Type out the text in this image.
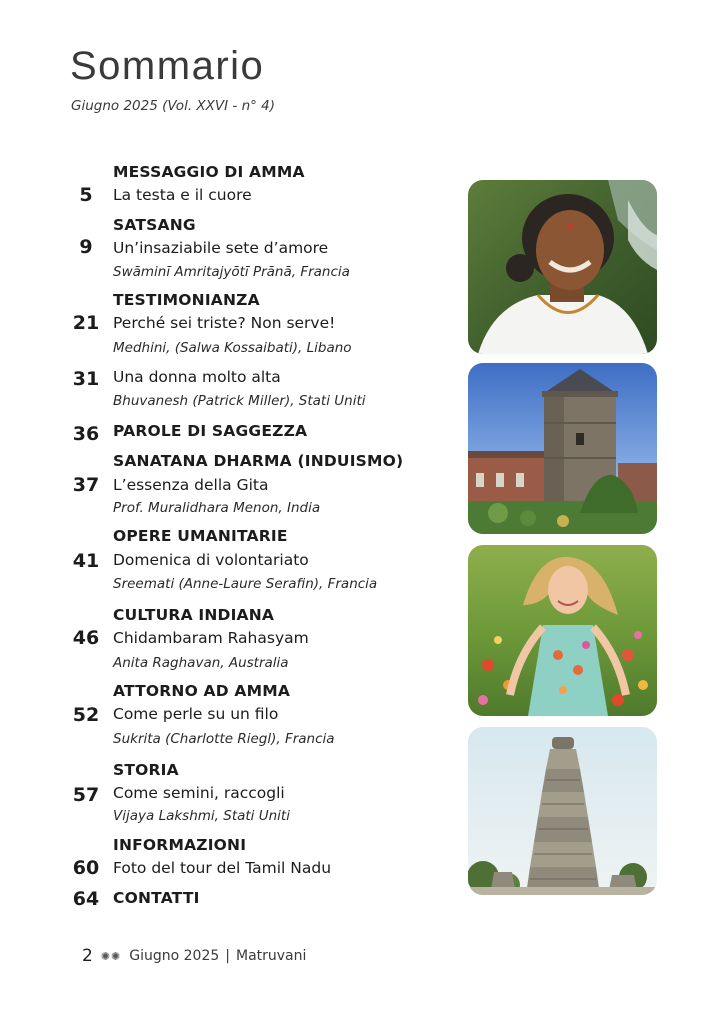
Sommario
Giugno 2025 (Vol. XXVI - n° 4)
MESSAGGIO DI AMMA
5	La testa e il cuore
SATSANG
9	Un’insaziabile sete d’amore
Swāminī Amritajyōtī Prānā, Francia
TESTIMONIANZA
21 Perché sei triste? Non serve!
Medhini, (Salwa Kossaibati), Libano
31 Una donna molto alta
Bhuvanesh (Patrick Miller), Stati Uniti
36 PAROLE DI SAGGEZZA
SANATANA DHARMA (INDUISMO)
37 L’essenza della Gita
Prof. Muralidhara Menon, India
OPERE UMANITARIE
41 Domenica di volontariato
Sreemati (Anne-Laure Serafin), Francia
CULTURA INDIANA
46 Chidambaram Rahasyam
Anita Raghavan, Australia
ATTORNO AD AMMA
52 Come perle su un filo
Sukrita (Charlotte Riegl), Francia
STORIA
57 Come semini, raccogli
Vijaya Lakshmi, Stati Uniti
INFORMAZIONI
60 Foto del tour del Tamil Nadu
64 CONTATTI
2 ✺✺ Giugno 2025 | Matruvani
